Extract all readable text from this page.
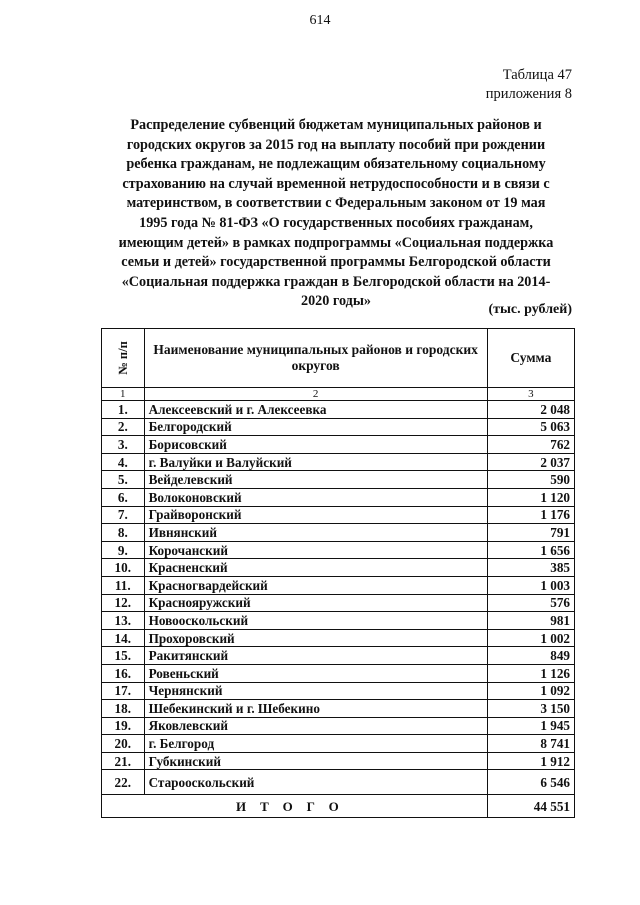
614
Таблица 47
приложения 8
Распределение субвенций бюджетам муниципальных районов и
городских округов за 2015 год на выплату пособий при рождении
ребенка гражданам, не подлежащим обязательному социальному
страхованию на случай временной нетрудоспособности и в связи с
материнством, в соответствии с Федеральным законом от 19 мая
1995 года № 81-ФЗ «О государственных пособиях гражданам,
имеющим детей» в рамках подпрограммы «Социальная поддержка
семьи и детей» государственной программы Белгородской области
«Социальная поддержка граждан в Белгородской области на 2014-
2020 годы»
(тыс. рублей)
№ п/п	Наименование муниципальных районов и городских округов	Сумма
1	2	3
1.	Алексеевский и г. Алексеевка	2 048
2.	Белгородский	5 063
3.	Борисовский	762
4.	г. Валуйки и Валуйский	2 037
5.	Вейделевский	590
6.	Волоконовский	1 120
7.	Грайворонский	1 176
8.	Ивнянский	791
9.	Корочанский	1 656
10.	Красненский	385
11.	Красногвардейский	1 003
12.	Краснояружский	576
13.	Новооскольский	981
14.	Прохоровский	1 002
15.	Ракитянский	849
16.	Ровеньский	1 126
17.	Чернянский	1 092
18.	Шебекинский и г. Шебекино	3 150
19.	Яковлевский	1 945
20.	г. Белгород	8 741
21.	Губкинский	1 912
22.	Старооскольский	6 546
ИТОГО		44 551
